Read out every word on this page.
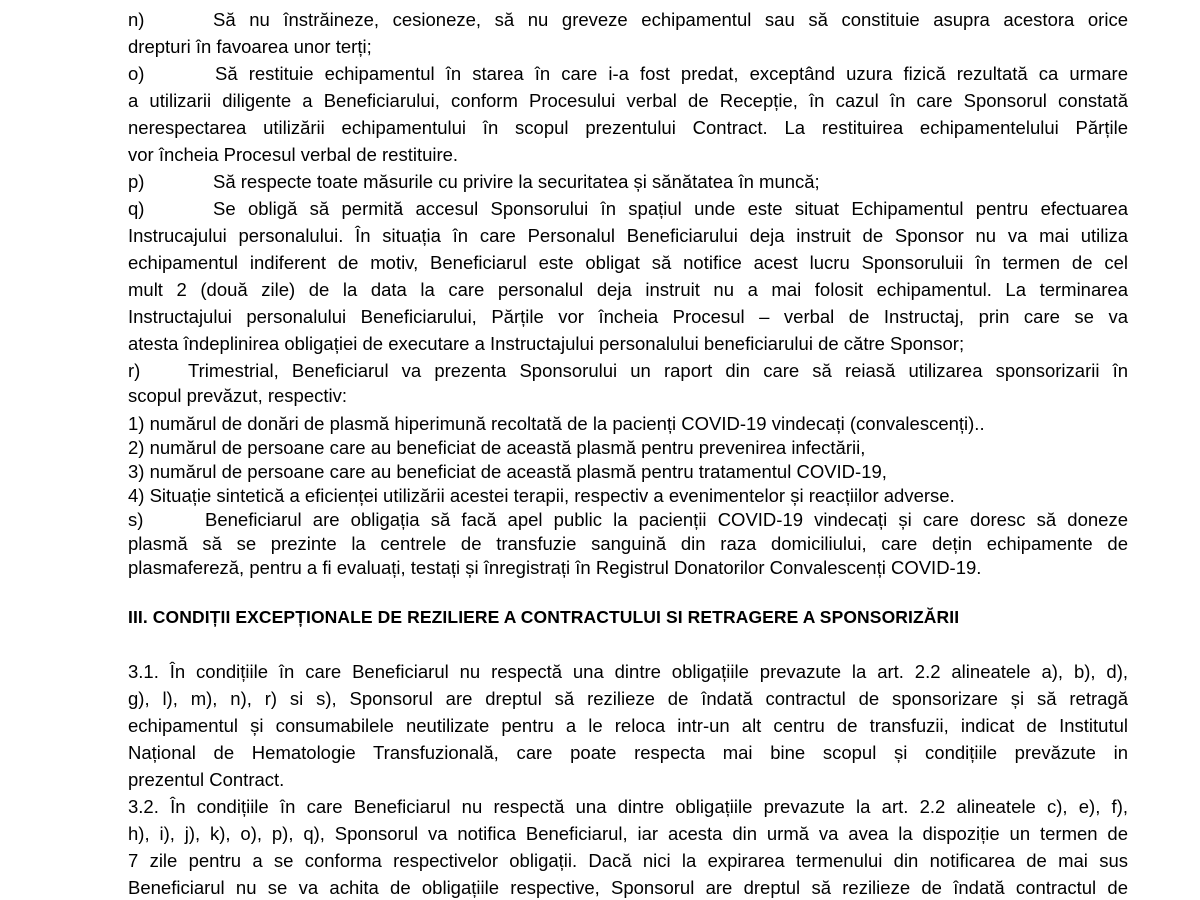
n)	Să nu înstrăineze, cesioneze, să nu greveze echipamentul sau să constituie asupra acestora orice

drepturi în favoarea unor terți;

o)	Să restituie echipamentul în starea în care i-a fost predat, exceptând uzura fizică rezultată ca urmare

a utilizarii diligente a Beneficiarului, conform Procesului verbal de Recepție, în cazul în care Sponsorul constată

nerespectarea utilizării echipamentului în scopul prezentului Contract. La restituirea echipamentelului Părțile

vor încheia Procesul verbal de restituire.

p)	Să respecte toate măsurile cu privire la securitatea și sănătatea în muncă;

q)	Se obligă să permită accesul Sponsorului în spațiul unde este situat Echipamentul pentru efectuarea

Instrucajului personalului. În situația în care Personalul Beneficiarului deja instruit de Sponsor nu va mai utiliza

echipamentul indiferent de motiv, Beneficiarul este obligat să notifice acest lucru Sponsoruluii în termen de cel

mult 2 (două zile) de la data la care personalul deja instruit nu a mai folosit echipamentul. La terminarea

Instructajului personalului Beneficiarului, Părțile vor încheia Procesul – verbal de Instructaj, prin care se va

atesta îndeplinirea obligației de executare a Instructajului personalului beneficiarului de către Sponsor;

r)	Trimestrial, Beneficiarul va prezenta Sponsorului un raport din care să reiasă utilizarea sponsorizarii în

scopul prevăzut, respectiv:

1) numărul de donări de plasmă hiperimună recoltată de la pacienți COVID-19 vindecați (convalescenți)..

2) numărul de persoane care au beneficiat de această plasmă pentru prevenirea infectării,

3) numărul de persoane care au beneficiat de această plasmă pentru tratamentul COVID-19,

4) Situație sintetică a eficienței utilizării acestei terapii, respectiv a evenimentelor și reacțiilor adverse.

s)	Beneficiarul are obligația să facă apel public la pacienții COVID-19 vindecați și care doresc să doneze

plasmă să se prezinte la centrele de transfuzie sanguină din raza domiciliului, care dețin echipamente de

plasmafereză, pentru a fi evaluați, testați și înregistrați în Registrul Donatorilor Convalescenți COVID-19.

III. CONDIȚII EXCEPȚIONALE DE REZILIERE A CONTRACTULUI SI RETRAGERE A SPONSORIZĂRII

3.1. În condițiile în care Beneficiarul nu respectă una dintre obligațiile prevazute la art. 2.2 alineatele a), b), d),

g), l), m), n), r) si s), Sponsorul are dreptul să rezilieze de îndată contractul de sponsorizare și să retragă

echipamentul și consumabilele neutilizate pentru a le reloca intr-un alt centru de transfuzii, indicat de Institutul

Național de Hematologie Transfuzională, care poate respecta mai bine scopul și condițiile prevăzute in

prezentul Contract.

3.2. În condițiile în care Beneficiarul nu respectă una dintre obligațiile prevazute la art. 2.2 alineatele c), e), f),

h), i), j), k), o), p), q), Sponsorul va notifica Beneficiarul, iar acesta din urmă va avea la dispoziție un termen de

7 zile pentru a se conforma respectivelor obligații. Dacă nici la expirarea termenului din notificarea de mai sus

Beneficiarul nu se va achita de obligațiile respective, Sponsorul are dreptul să rezilieze de îndată contractul de
